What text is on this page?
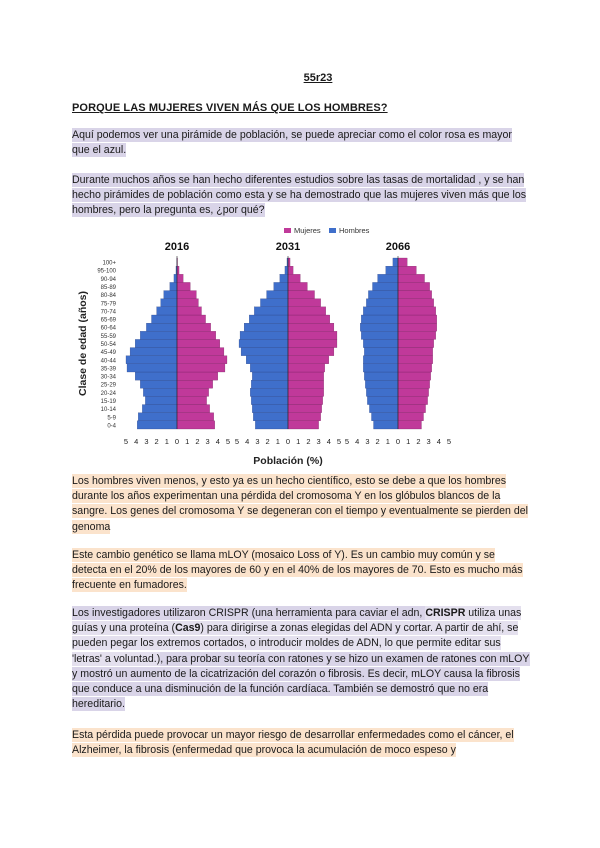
55r23
PORQUE LAS MUJERES VIVEN MÁS QUE LOS HOMBRES?
Aquí podemos ver una pirámide de población, se puede apreciar como el color rosa es mayor que el azul.
Durante muchos años se han hecho diferentes estudios sobre las tasas de mortalidad , y se han hecho pirámides de población como esta y se ha demostrado que las mujeres viven más que los hombres, pero la pregunta es, ¿por qué?
Clase de edad (años)
0-4
5-9
10-14
15-19
20-24
25-29
30-34
35-39
40-44
45-49
50-54
55-59
60-64
65-69
70-74
75-79
80-84
85-89
90-94
95-100
100+
Mujeres Hombres
2016
5 4 3 2 1 0 1 2 3 4 5
2031
5 4 3 2 1 0 1 2 3 4 5
2066
5 4 3 2 1 0 1 2 3 4 5
Población (%)
Los hombres viven menos, y esto ya es un hecho científico, esto se debe a que los hombres durante los años experimentan una pérdida del cromosoma Y en los glóbulos blancos de la sangre. Los genes del cromosoma Y se degeneran con el tiempo y eventualmente se pierden del genoma
Este cambio genético se llama mLOY (mosaico Loss of Y). Es un cambio muy común y se detecta en el 20% de los mayores de 60 y en el 40% de los mayores de 70. Esto es mucho más frecuente en fumadores.
Los investigadores utilizaron CRISPR (una herramienta para caviar el adn, CRISPR utiliza unas guías y una proteína (Cas9) para dirigirse a zonas elegidas del ADN y cortar. A partir de ahí, se pueden pegar los extremos cortados, o introducir moldes de ADN, lo que permite editar sus 'letras' a voluntad.), para probar su teoría con ratones y se hizo un examen de ratones con mLOY y mostró un aumento de la cicatrización del corazón o fibrosis. Es decir, mLOY causa la fibrosis que conduce a una disminución de la función cardíaca. También se demostró que no era hereditario.
Esta pérdida puede provocar un mayor riesgo de desarrollar enfermedades como el cáncer, el Alzheimer, la fibrosis (enfermedad que provoca la acumulación de moco espeso y
